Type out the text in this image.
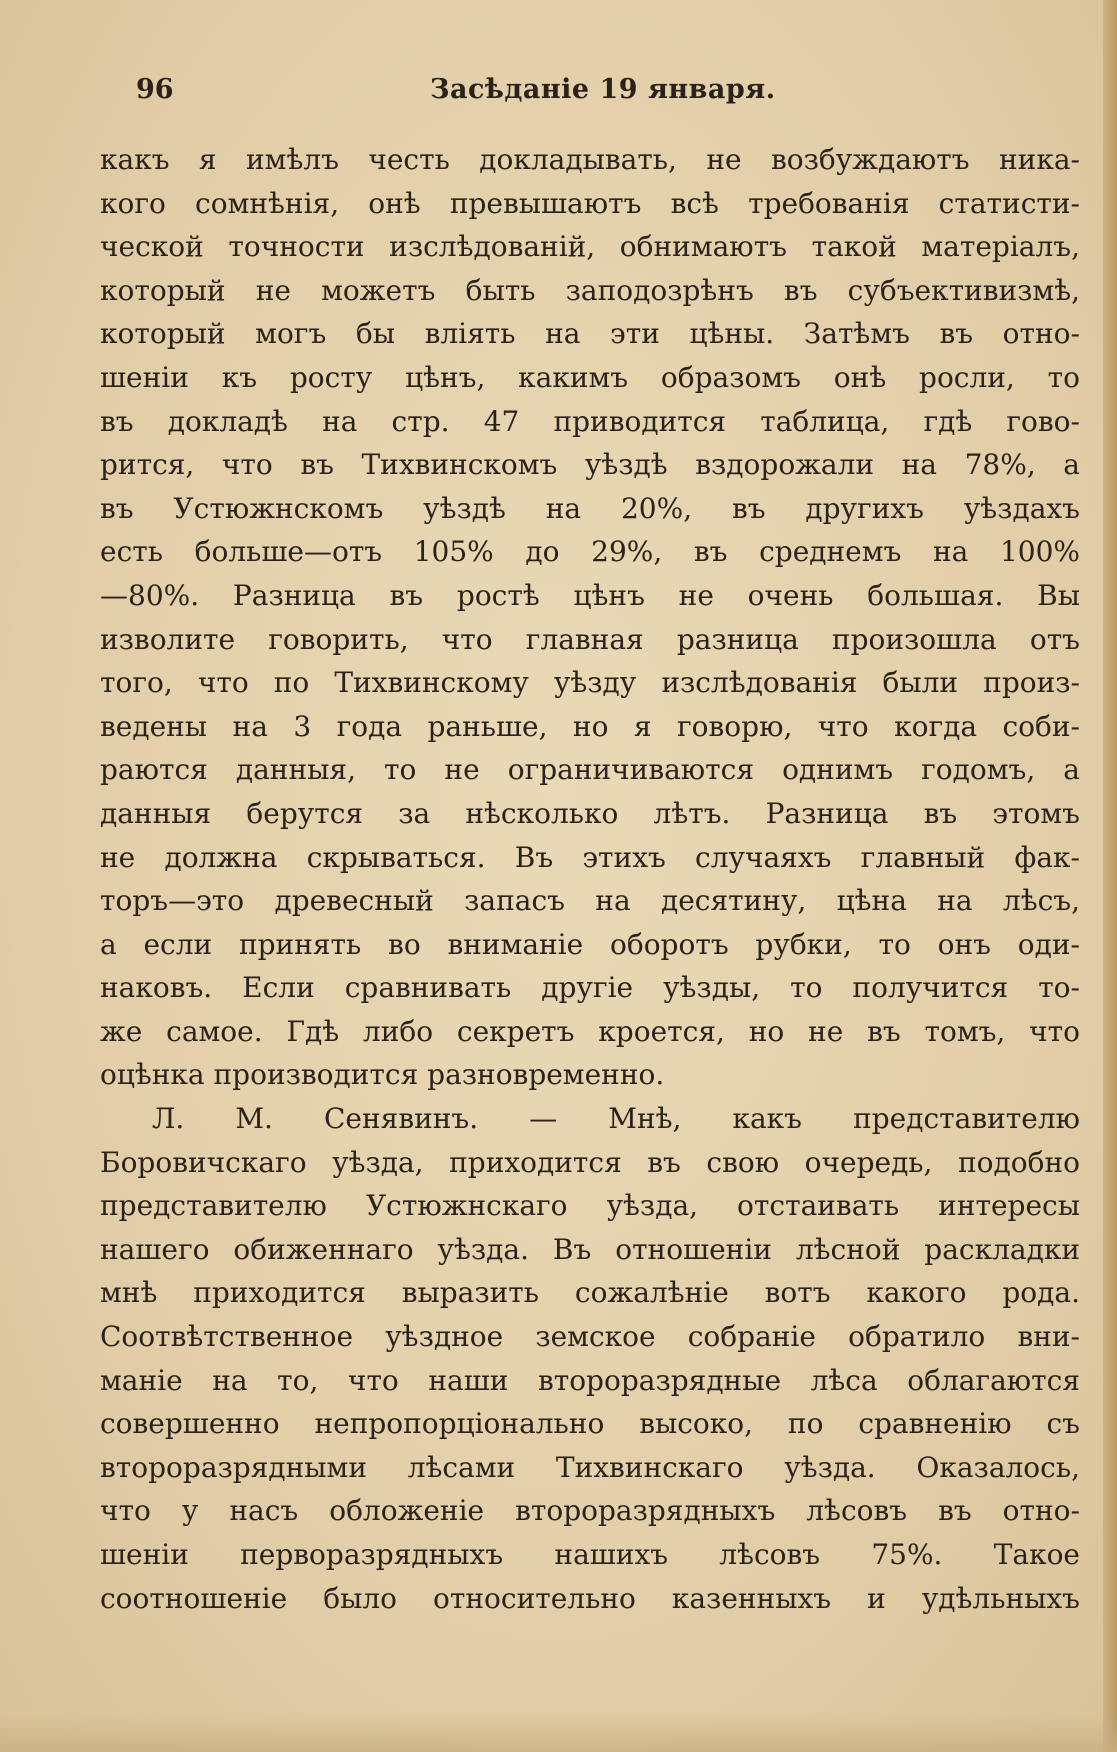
96	Засѣданіе 19 января.
какъ я имѣлъ честь докладывать, не возбуждаютъ ника-
кого сомнѣнія, онѣ превышаютъ всѣ требованія статисти-
ческой точности изслѣдованій, обнимаютъ такой матеріалъ,
который не можетъ быть заподозрѣнъ въ субъективизмѣ,
который могъ бы вліять на эти цѣны. Затѣмъ въ отно-
шеніи къ росту цѣнъ, какимъ образомъ онѣ росли, то
въ докладѣ на стр. 47 приводится таблица, гдѣ гово-
рится, что въ Тихвинскомъ уѣздѣ вздорожали на 78%, а
въ Устюжнскомъ уѣздѣ на 20%, въ другихъ уѣздахъ
есть больше—отъ 105% до 29%, въ среднемъ на 100%
—80%. Разница въ ростѣ цѣнъ не очень большая. Вы
изволите говорить, что главная разница произошла отъ
того, что по Тихвинскому уѣзду изслѣдованія были произ-
ведены на 3 года раньше, но я говорю, что когда соби-
раются данныя, то не ограничиваются однимъ годомъ, а
данныя берутся за нѣсколько лѣтъ. Разница въ этомъ
не должна скрываться. Въ этихъ случаяхъ главный фак-
торъ—это древесный запасъ на десятину, цѣна на лѣсъ,
а если принять во вниманіе оборотъ рубки, то онъ оди-
наковъ. Если сравнивать другіе уѣзды, то получится то-
же самое. Гдѣ либо секретъ кроется, но не въ томъ, что
оцѣнка производится разновременно.
Л. М. Сенявинъ. — Мнѣ, какъ представителю
Боровичскаго уѣзда, приходится въ свою очередь, подобно
представителю Устюжнскаго уѣзда, отстаивать интересы
нашего обиженнаго уѣзда. Въ отношеніи лѣсной раскладки
мнѣ приходится выразить сожалѣніе вотъ какого рода.
Соотвѣтственное уѣздное земское собраніе обратило вни-
маніе на то, что наши второразрядные лѣса облагаются
совершенно непропорціонально высоко, по сравненію съ
второразрядными лѣсами Тихвинскаго уѣзда. Оказалось,
что у насъ обложеніе второразрядныхъ лѣсовъ въ отно-
шеніи перворазрядныхъ нашихъ лѣсовъ 75%. Такое
соотношеніе было относительно казенныхъ и удѣльныхъ
